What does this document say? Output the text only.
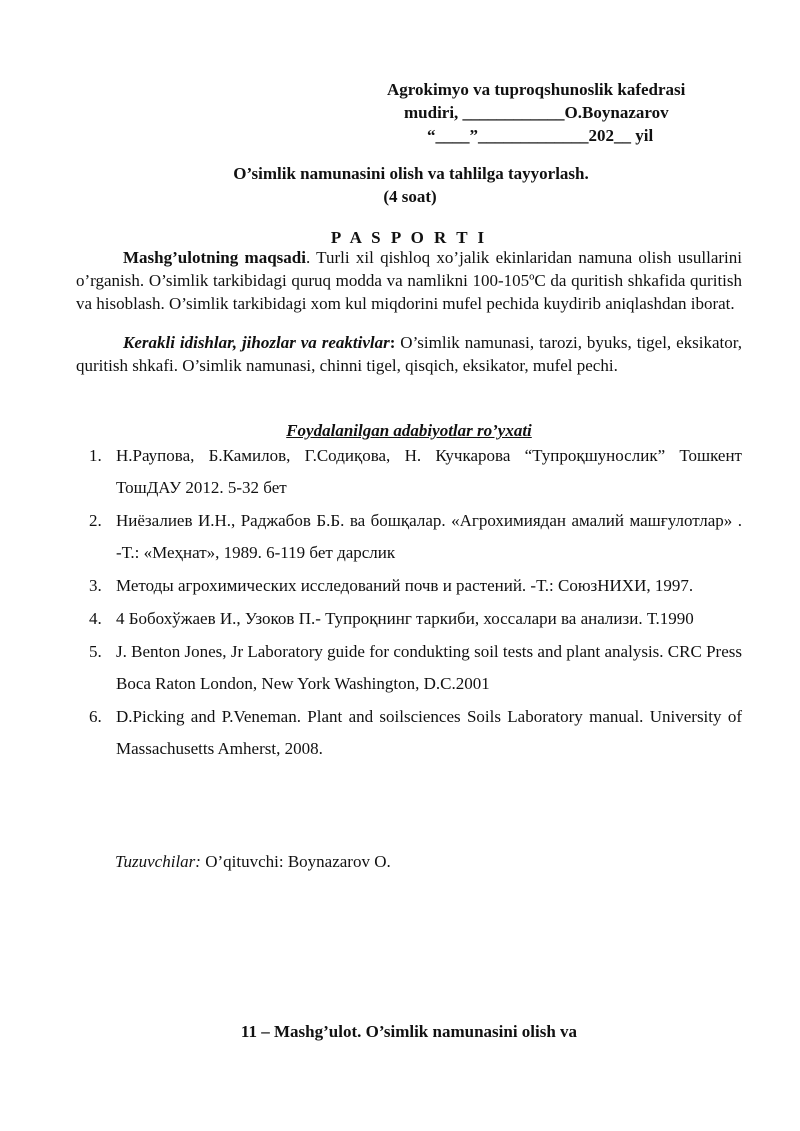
Agrokimyo va tuproqshunoslik kafedrasi
mudiri, ____________O.Boynazarov
“____”_____________202__ yil
O’simlik namunasini olish va tahlilga tayyorlash.
(4 soat)
P A S P O R T I
Mashg’ulotning maqsadi. Turli xil qishloq xo’jalik ekinlaridan namuna olish usullarini o’rganish. O’simlik tarkibidagi quruq modda va namlikni 100-105ºC da quritish shkafida quritish va hisoblash. O’simlik tarkibidagi xom kul miqdorini mufel pechida kuydirib aniqlashdan iborat.
Kerakli idishlar, jihozlar va reaktivlar: O’simlik namunasi, tarozi, byuks, tigel, eksikator, quritish shkafi. O’simlik namunasi, chinni tigel, qisqich, eksikator, mufel pechi.
Foydalanilgan adabiyotlar ro’yxati
1. Н.Раупова, Б.Камилов, Г.Содиқова, Н. Кучкарова “Тупроқшунослик” Тошкент ТошДАУ 2012. 5-32 бет
2. Ниёзалиев И.Н., Раджабов Б.Б. ва бошқалар. «Агрохимиядан амалий машғулотлар» . -Т.: «Меҳнат», 1989. 6-119 бет дарслик
3. Методы агрохимических исследований почв и растений. -Т.: СоюзНИХИ, 1997.
4. 4 Бобохўжаев И., Узоков П.- Тупроқнинг таркиби, хоссалари ва анализи. Т.1990
5. J. Benton Jones, Jr Laboratory guide for condukting soil tests and plant analysis. CRC Press Boca Raton London, New York Washington, D.C.2001
6. D.Picking and P.Veneman. Plant and soilsciences Soils Laboratory manual. University of Massachusetts Amherst, 2008.
Tuzuvchilar: O’qituvchi: Boynazarov O.
11 – Mashg’ulot. O’simlik namunasini olish va
